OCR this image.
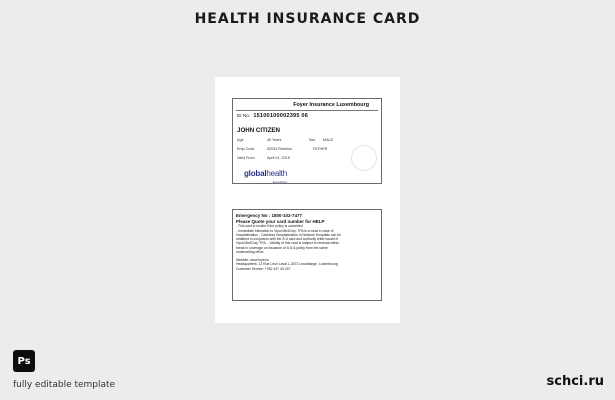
HEALTH INSURANCE CARD
Foyer Insurance Luxembourg
ID No. 15100100002395 06
JOHN CITIZEN
Age	45 Years	Sex MALE
Emp Code	52034 Relation	FATHER
Valid From	April 01, 2015
globalhealth
Everything
Emergency No : 1800-102-7477
Please Quote your card number for HELP
- This card is invalid if the policy is cancelled.
- Immediate intimation to Vipul MedCorp TPA is a must in case of
Hospitalisation - Cashless Hospitalization in Network Hospitals can be
obtained in conjuction with the Ä Ä card and Authority letter issued b
Vipul MedCorp TPA. - Validity of this card is subject to renewal within
break in coverage on issuance of Ä Ä Ä policy from the same
underwriting office.
Website: www.foyer.lu
Headquarters: 12 Rue Léon Laval L-3372 Leudelange, Luxembourg
Customer Service: +352 437 43 437
Ps
fully editable template	schci.ru
